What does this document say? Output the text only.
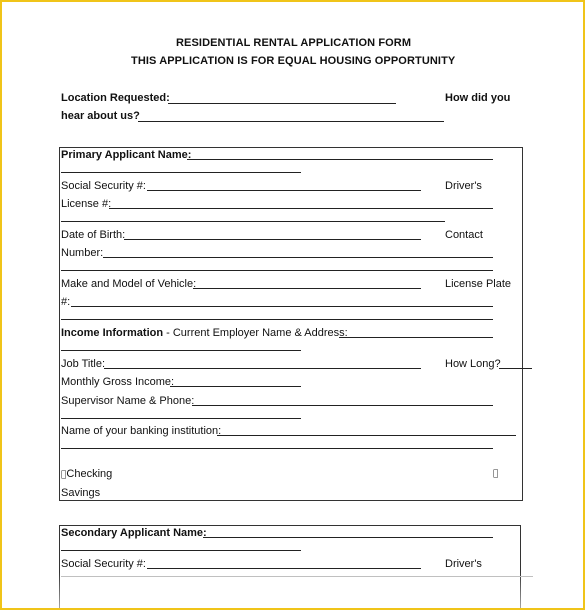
RESIDENTIAL RENTAL APPLICATION FORM
THIS APPLICATION IS FOR EQUAL HOUSING OPPORTUNITY
Location Requested:	How did you
hear about us?
Primary Applicant Name:
Social Security #:	Driver's
License #:
Date of Birth:	Contact
Number:
Make and Model of Vehicle:	License Plate
#:
Income Information - Current Employer Name & Address:
Job Title:	How Long?
Monthly Gross Income:
Supervisor Name & Phone:
Name of your banking institution:
Checking
Savings
Secondary Applicant Name:
Social Security #:	Driver's
